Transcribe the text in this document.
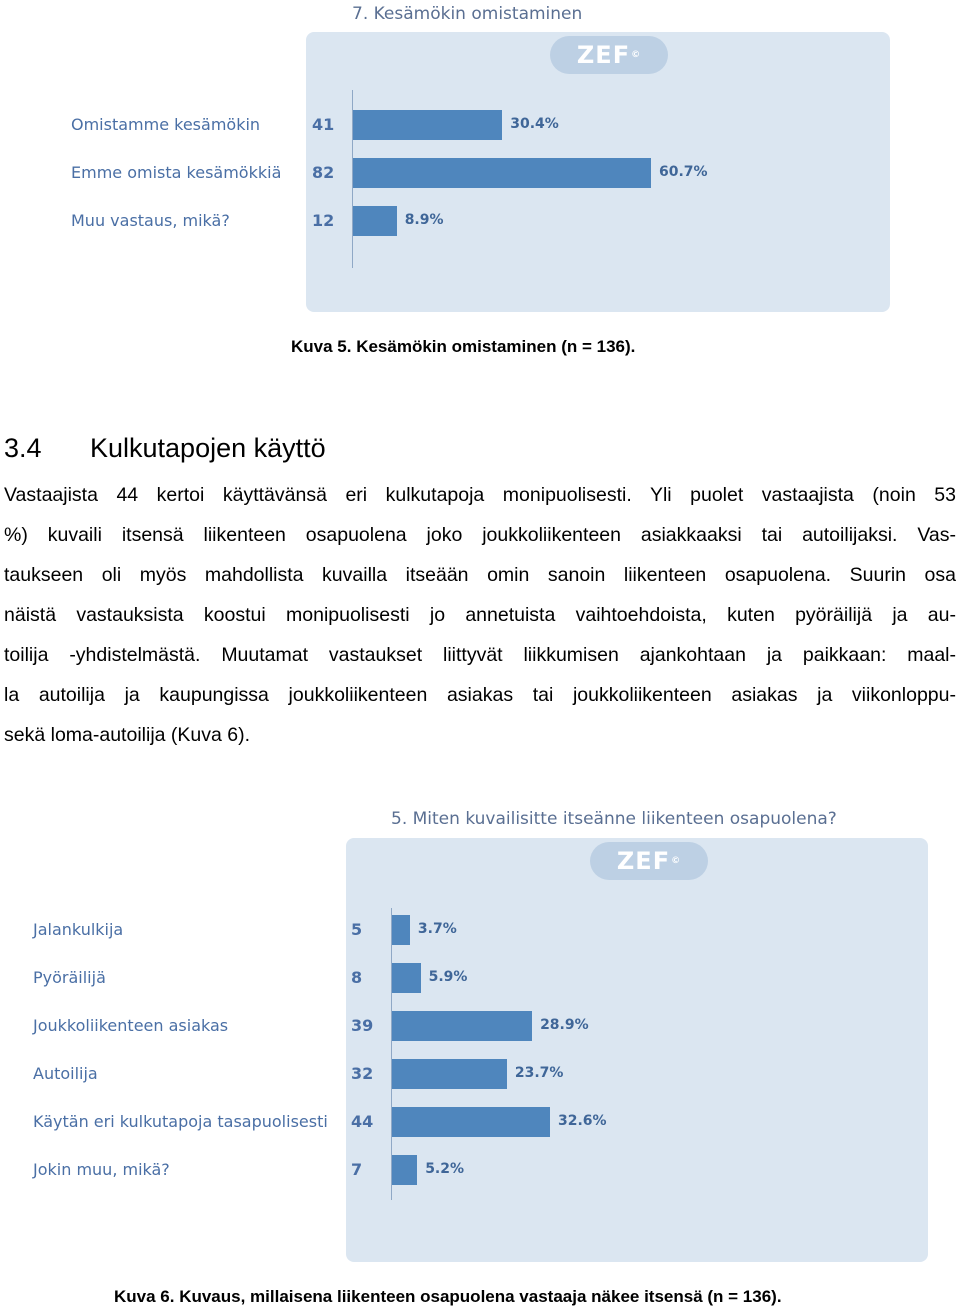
7. Kesämökin omistaminen
ZEF ©
Omistamme kesämökin	41	30.4%
Emme omista kesämökkiä 82	60.7%
Muu vastaus, mikä?	12	8.9%
Kuva 5. Kesämökin omistaminen (n = 136).
3.4 Kulkutapojen käyttö
Vastaajista 44 kertoi käyttävänsä eri kulkutapoja monipuolisesti. Yli puolet vastaajista (noin 53
%) kuvaili itsensä liikenteen osapuolena joko joukkoliikenteen asiakkaaksi tai autoilijaksi. Vas-
taukseen oli myös mahdollista kuvailla itseään omin sanoin liikenteen osapuolena. Suurin osa
näistä vastauksista koostui monipuolisesti jo annetuista vaihtoehdoista, kuten pyöräilijä ja au-
toilija -yhdistelmästä. Muutamat vastaukset liittyvät liikkumisen ajankohtaan ja paikkaan: maal-
la autoilija ja kaupungissa joukkoliikenteen asiakas tai joukkoliikenteen asiakas ja viikonloppu-
sekä loma-autoilija (Kuva 6).
5. Miten kuvailisitte itseänne liikenteen osapuolena?
ZEF ©
Jalankulkija	5	3.7%
Pyöräilijä	8	5.9%
Joukkoliikenteen asiakas	39	28.9%
Autoilija	32	23.7%
Käytän eri kulkutapoja tasapuolisesti 44	32.6%
Jokin muu, mikä?	7	5.2%
Kuva 6. Kuvaus, millaisena liikenteen osapuolena vastaaja näkee itsensä (n = 136).
